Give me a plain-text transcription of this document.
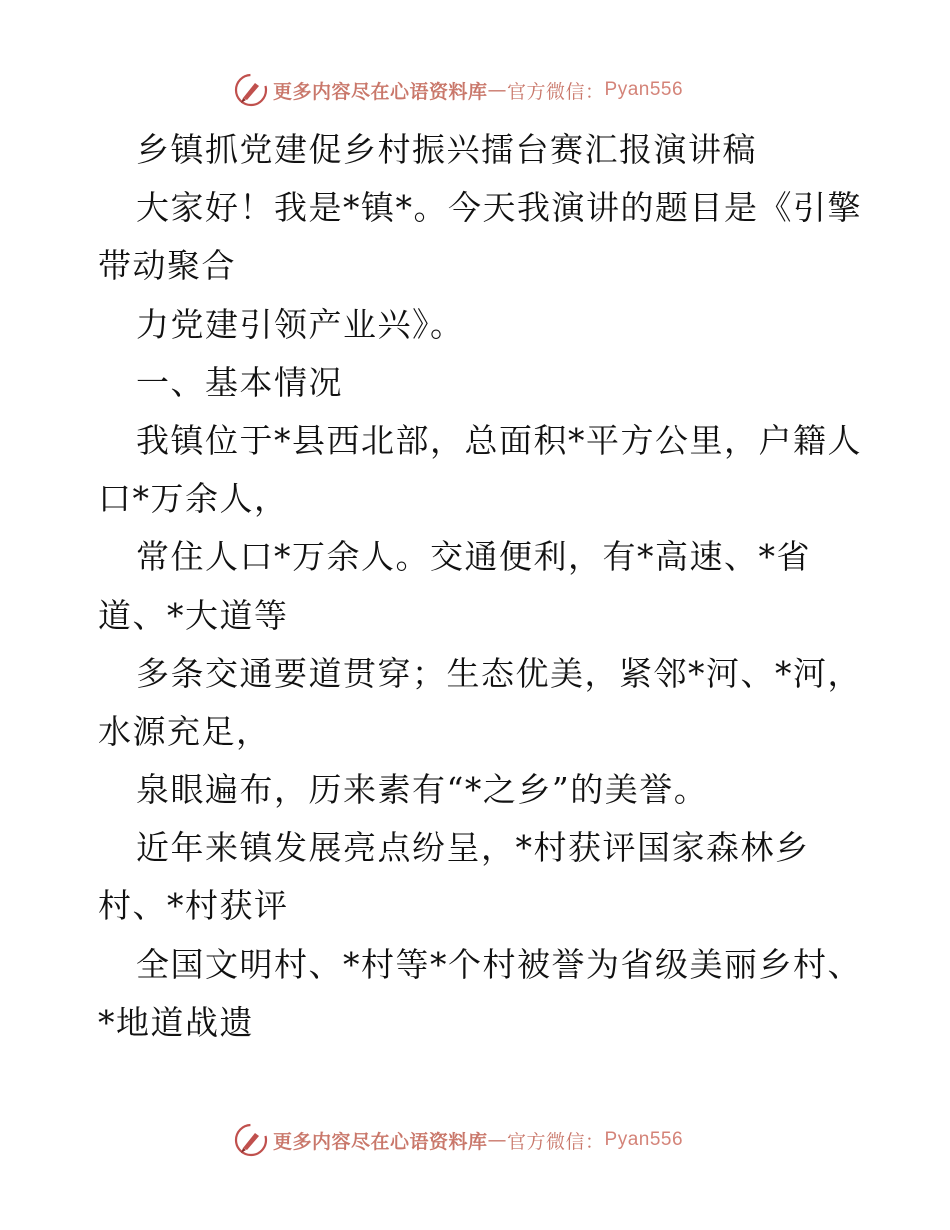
更多内容尽在心语资料库 — 官方微信： Pyan556
乡镇抓党建促乡村振兴擂台赛汇报演讲稿
大家好！我是*镇*。今天我演讲的题目是《引擎
带动聚合
力党建引领产业兴》。
一、基本情况
我镇位于*县西北部，总面积*平方公里，户籍人
口*万余人，
常住人口*万余人。交通便利，有*高速、*省
道、*大道等
多条交通要道贯穿；生态优美，紧邻*河、*河，
水源充足，
泉眼遍布，历来素有“*之乡”的美誉。
近年来镇发展亮点纷呈，*村获评国家森林乡
村、*村获评
全国文明村、*村等*个村被誉为省级美丽乡村、
*地道战遗
更多内容尽在心语资料库 — 官方微信： Pyan556
